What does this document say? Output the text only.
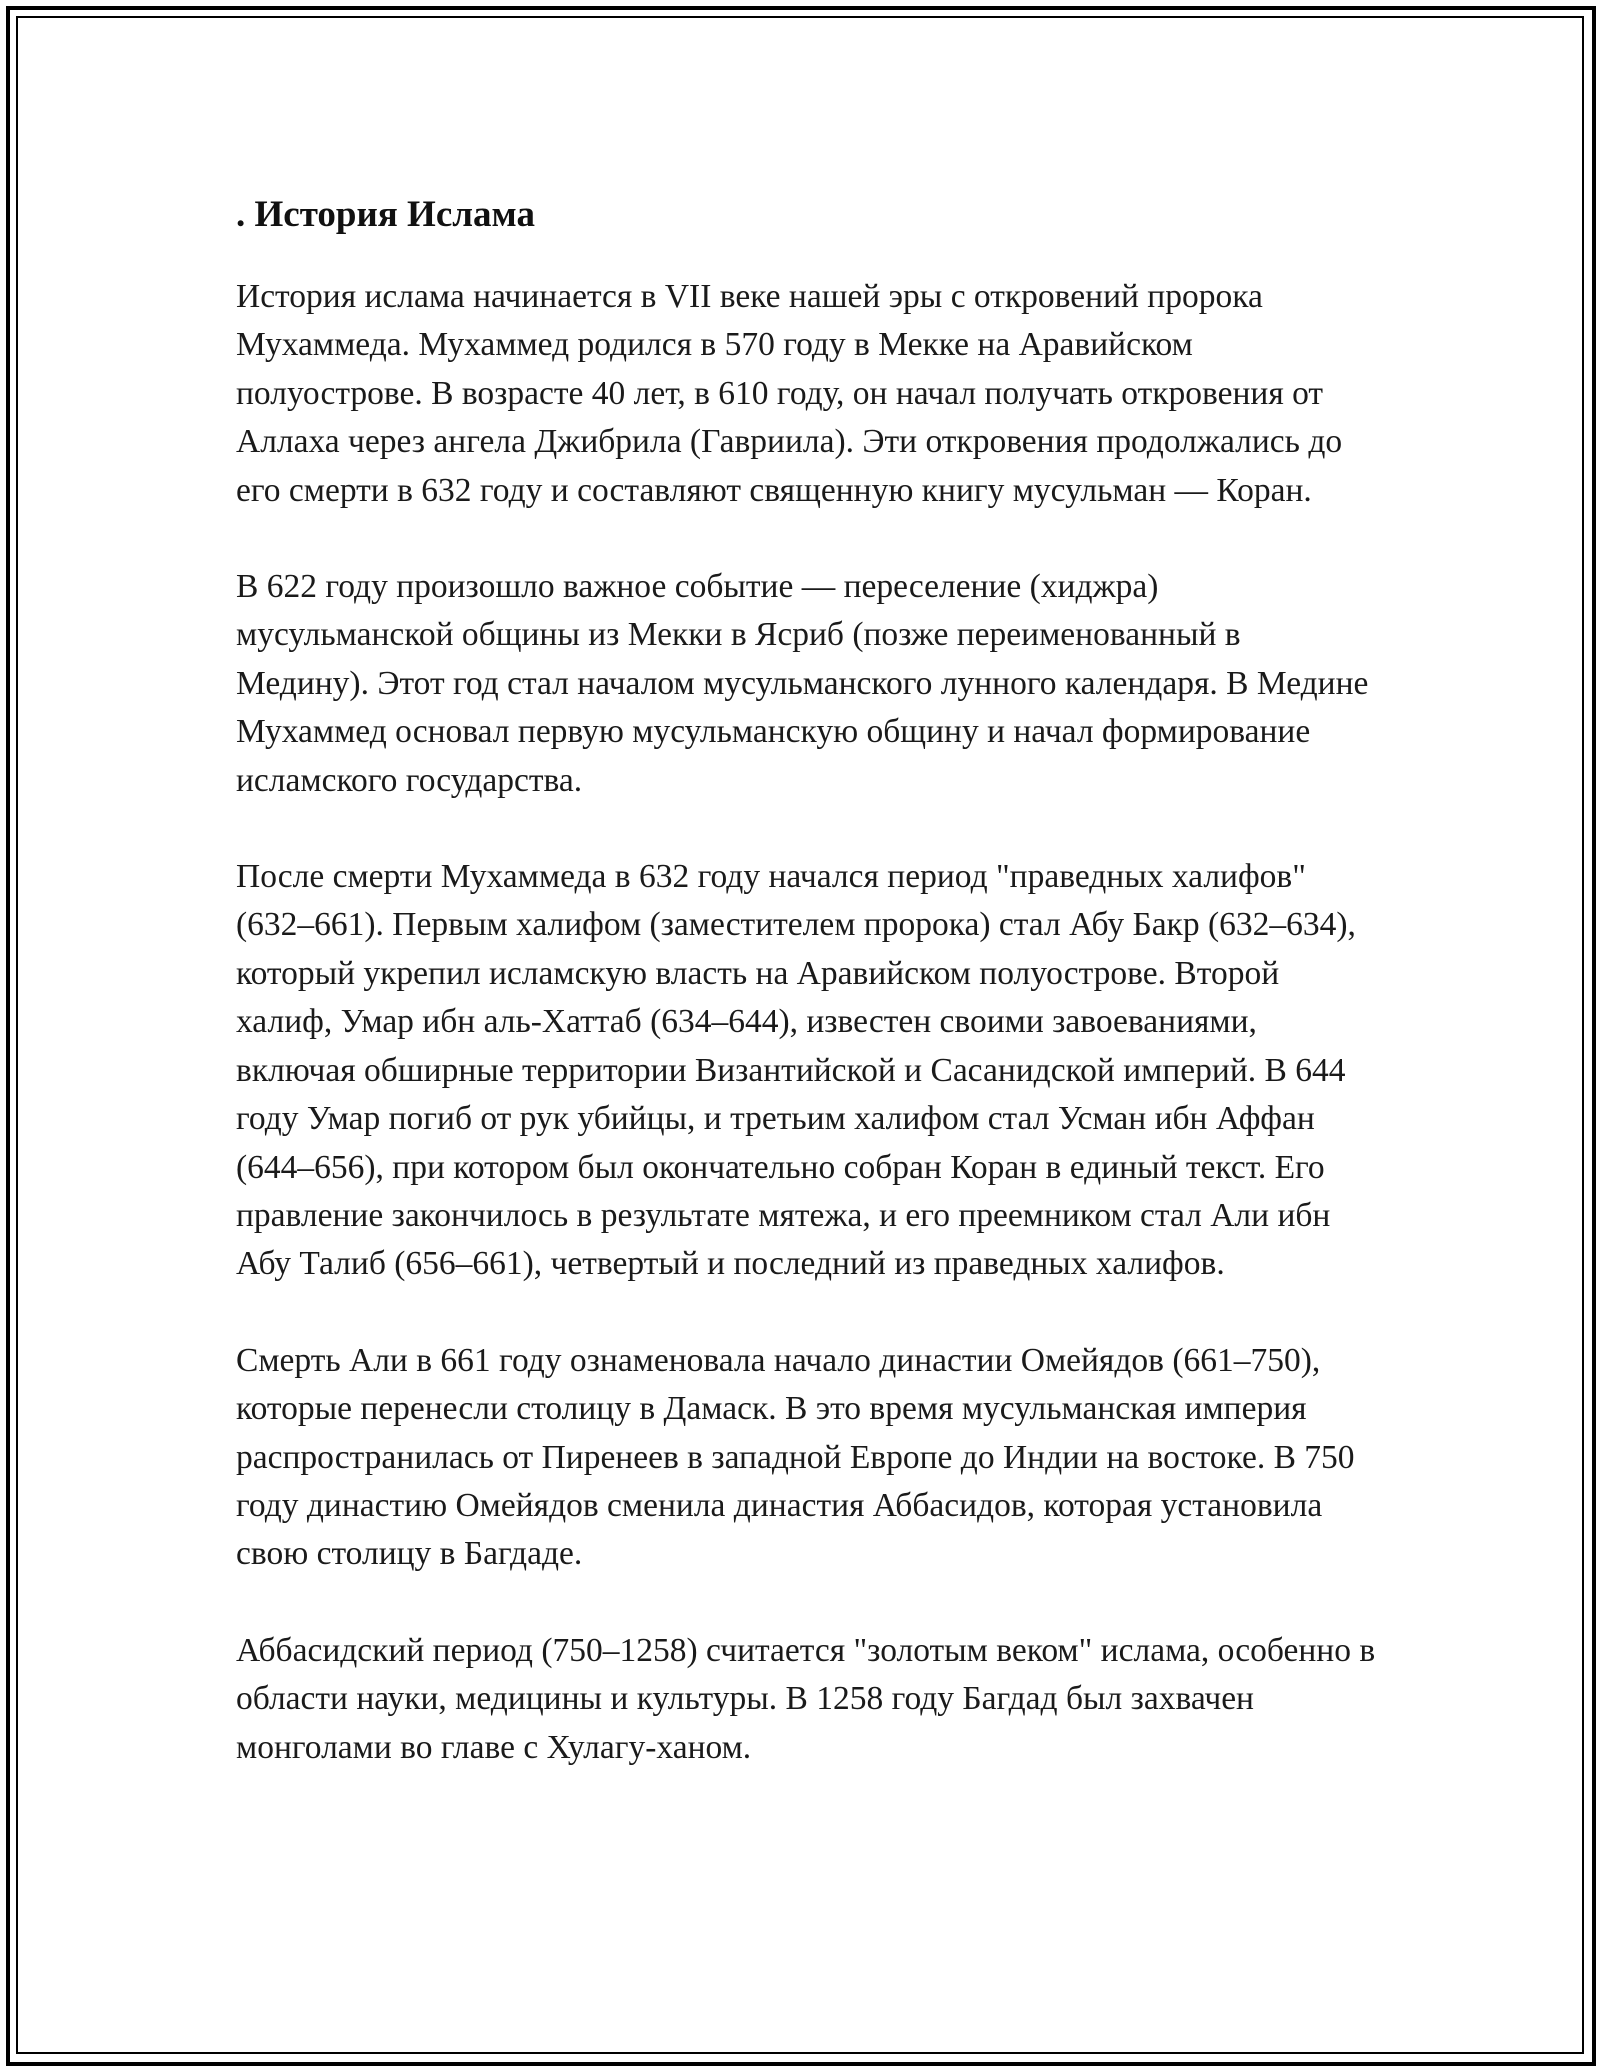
. История Ислама

История ислама начинается в VII веке нашей эры с откровений пророка Мухаммеда. Мухаммед родился в 570 году в Мекке на Аравийском полуострове. В возрасте 40 лет, в 610 году, он начал получать откровения от Аллаха через ангела Джибрила (Гавриила). Эти откровения продолжались до его смерти в 632 году и составляют священную книгу мусульман — Коран.

В 622 году произошло важное событие — переселение (хиджра) мусульманской общины из Мекки в Ясриб (позже переименованный в Медину). Этот год стал началом мусульманского лунного календаря. В Медине Мухаммед основал первую мусульманскую общину и начал формирование исламского государства.

После смерти Мухаммеда в 632 году начался период "праведных халифов" (632–661). Первым халифом (заместителем пророка) стал Абу Бакр (632–634), который укрепил исламскую власть на Аравийском полуострове. Второй халиф, Умар ибн аль-Хаттаб (634–644), известен своими завоеваниями, включая обширные территории Византийской и Сасанидской империй. В 644 году Умар погиб от рук убийцы, и третьим халифом стал Усман ибн Аффан (644–656), при котором был окончательно собран Коран в единый текст. Его правление закончилось в результате мятежа, и его преемником стал Али ибн Абу Талиб (656–661), четвертый и последний из праведных халифов.

Смерть Али в 661 году ознаменовала начало династии Омейядов (661–750), которые перенесли столицу в Дамаск. В это время мусульманская империя распространилась от Пиренеев в западной Европе до Индии на востоке. В 750 году династию Омейядов сменила династия Аббасидов, которая установила свою столицу в Багдаде.

Аббасидский период (750–1258) считается "золотым веком" ислама, особенно в области науки, медицины и культуры. В 1258 году Багдад был захвачен монголами во главе с Хулагу-ханом.
